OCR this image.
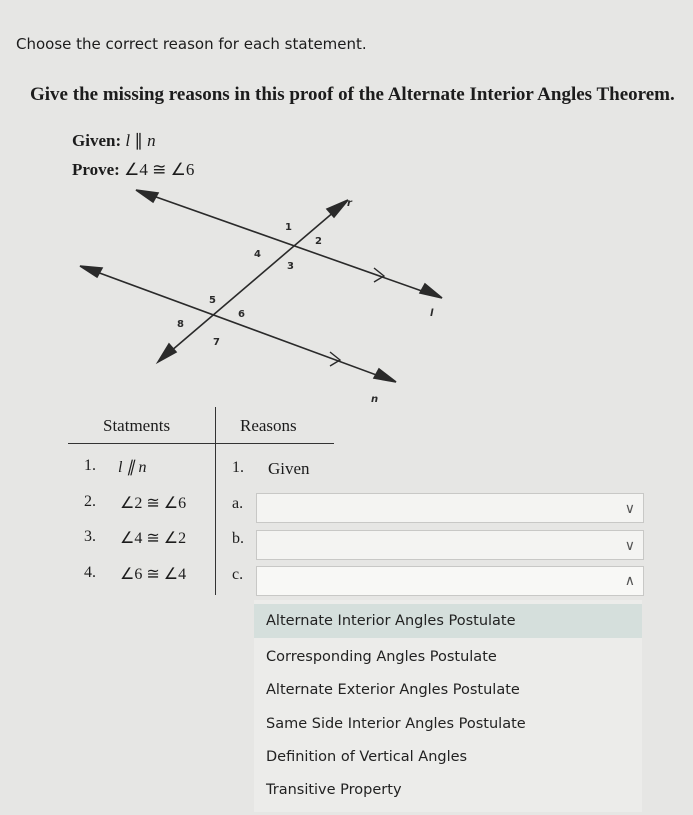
Choose the correct reason for each statement.
Give the missing reasons in this proof of the Alternate Interior Angles Theorem.
Given: l ∥ n
Prove: ∠4 ≅ ∠6
r
l
n
1
2
3
4
5
6
7
8
Statments	Reasons
1. l ∥ n	1. Given
2. ∠2 ≅ ∠6	a.	∨
3. ∠4 ≅ ∠2	b.	∨
4. ∠6 ≅ ∠4	c.	∧
Alternate Interior Angles Postulate
Corresponding Angles Postulate
Alternate Exterior Angles Postulate
Same Side Interior Angles Postulate
Definition of Vertical Angles
Transitive Property
